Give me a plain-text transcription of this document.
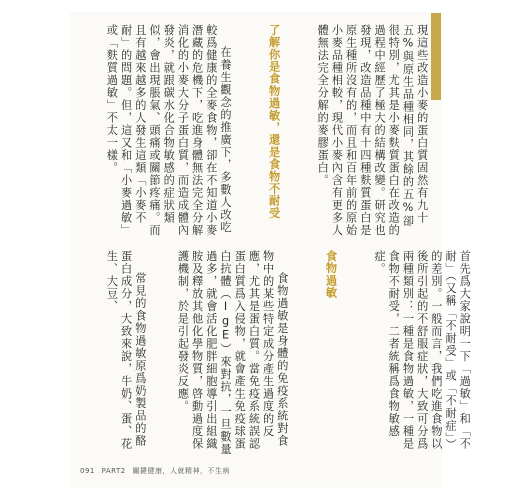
現這些改造小麥的蛋白質固然有九十五%與原生品種相同，其餘的五%卻很特別，尤其是小麥麩質蛋白在改造的過程中經歷了極大的結構改變。研究也發現，改造品種中有十四種麩質蛋白是原生種所沒有的，而且和百年前的原始小麥品種相較，現代小麥內含有更多人體無法完全分解的麥膠蛋白。

了解你是食物過敏，還是食物不耐受

在養生觀念的推廣下，多數人改吃較爲健康的全麥食物，卻在不知道小麥潛藏的危機下，吃進身體無法完全分解消化的小麥大分子蛋白質，而造成體內發炎，就跟碳水化合物敏感的症狀類似，會出現脹氣、頭痛或關節疼痛。而且有越來越多的人發生這類「小麥不耐」的問題。但，這又和「小麥過敏」或「麩質過敏」不太一樣。

首先爲大家說明一下「過敏」和「不耐」（又稱「不耐受」或「不耐症」）的差別。一般而言，我們吃進食物以後所引起的不舒服症狀，大致可分爲兩種類別：一種是食物過敏，一種是食物不耐受，二者統稱爲食物敏感症。

食物過敏

食物過敏是身體的免疫系統對食物中的某些特定成分產生過度的反應，尤其是蛋白質。當免疫系統誤認蛋白質爲入侵物，就會產生免疫球蛋白抗體（IgE）來對抗，一旦數量過多，就會活化肥胖細胞導引出組織胺及釋放其他化學物質，啓動過度保護機制，於是引起發炎反應。

常見的食物過敏原爲奶製品的酪蛋白成分，大致來說，牛奶、蛋、花生、大豆、

091 PART2 關鍵健康，人就精神，不生病
